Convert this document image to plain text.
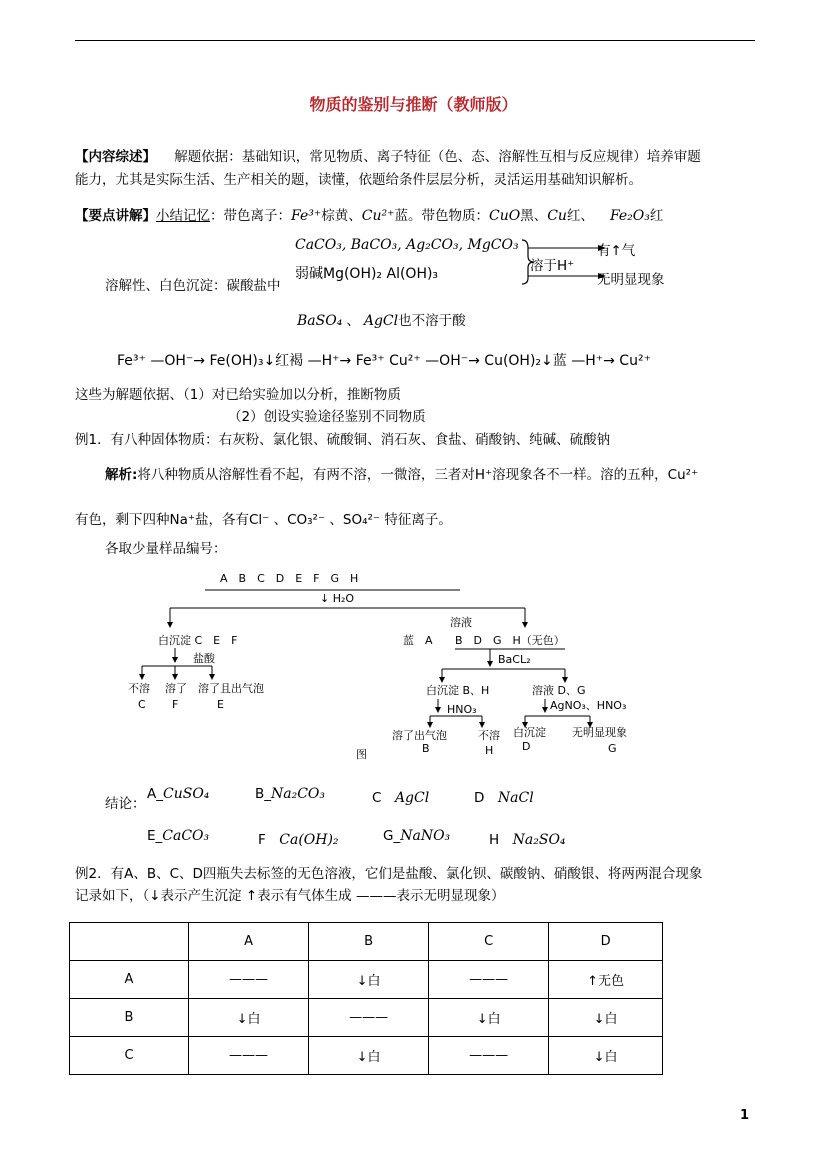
物质的鉴别与推断（教师版）
【内容综述】 解题依据：基础知识，常见物质、离子特征（色、态、溶解性互相与反应规律）培养审题
能力，尤其是实际生活、生产相关的题，读懂，依题给条件层层分析，灵活运用基础知识解析。
【要点讲解】小结记忆：带色离子：Fe³⁺棕黄、Cu²⁺蓝。带色物质：CuO黑、Cu红、 Fe₂O₃红
CaCO₃, BaCO₃, Ag₂CO₃, MgCO₃
弱碱Mg(OH)₂ Al(OH)₃
溶解性、白色沉淀：碳酸盐中
溶于H⁺
有↑气
无明显现象
BaSO₄ 、 AgCl也不溶于酸
Fe³⁺ —OH⁻→ Fe(OH)₃↓红褐 —H⁺→ Fe³⁺ Cu²⁺ —OH⁻→ Cu(OH)₂↓蓝 —H⁺→ Cu²⁺
这些为解题依据、（1）对已给实验加以分析，推断物质
（2）创设实验途径鉴别不同物质
例1．有八种固体物质：右灰粉、氯化银、硫酸铜、消石灰、食盐、硝酸钠、纯碱、硫酸钠
解析:将八种物质从溶解性看不起，有两不溶，一微溶，三者对H⁺溶现象各不一样。溶的五种，Cu²⁺
有色，剩下四种Na⁺盐，各有Cl⁻ 、CO₃²⁻ 、SO₄²⁻ 特征离子。
各取少量样品编号：
A　B　C　D　E　F　G　H
↓ H₂O
溶液
白沉淀 C　E　F
盐酸
不溶 溶了 溶了且出气泡
C F	E
蓝　A B　D　G　H（无色）
BaCL₂
白沉淀 B、H	溶液 D、G
HNO₃	AgNO₃、HNO₃
溶了出气泡	不溶 白沉淀 无明显现象
B	H	D	G
图
结论：
A_CuSO₄	B_Na₂CO₃	C　 AgCl	D　 NaCl
E_CaCO₃	F　 Ca(OH)₂	G_NaNO₃	H　 Na₂SO₄
例2．有A、B、C、D四瓶失去标签的无色溶液，它们是盐酸、氯化钡、碳酸钠、硝酸银、将两两混合现象
记录如下，（↓表示产生沉淀 ↑表示有气体生成 ———表示无明显现象）
	A	B	C	D
A	———	↓白	———	↑无色
B	↓白	———	↓白	↓白
C	———	↓白	———	↓白
1
